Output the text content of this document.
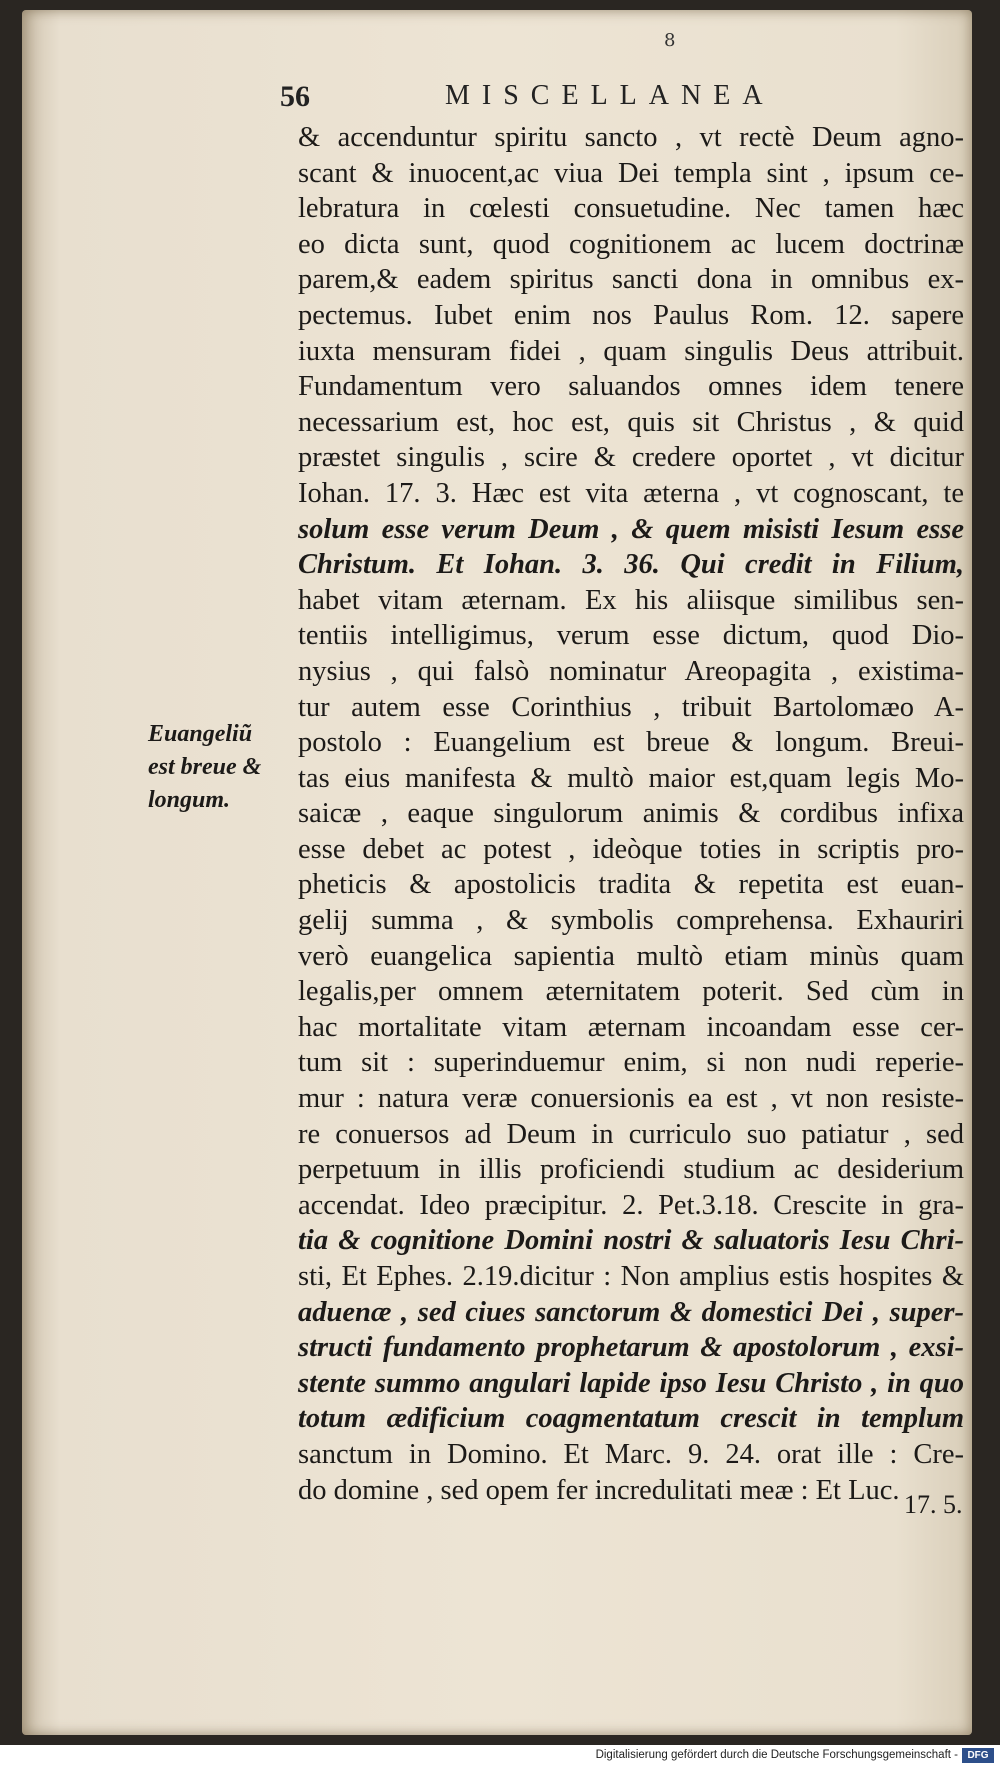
8
56	MISCELLANEA
Euangeliũ
est breue &
longum.
& accenduntur spiritu sancto , vt rectè Deum agno-
scant & inuocent,ac viua Dei templa sint , ipsum ce-
lebratura in cœlesti consuetudine. Nec tamen hæc
eo dicta sunt, quod cognitionem ac lucem doctrinæ
parem,& eadem spiritus sancti dona in omnibus ex-
pectemus. Iubet enim nos Paulus Rom. 12. sapere
iuxta mensuram fidei , quam singulis Deus attribuit.
Fundamentum vero saluandos omnes idem tenere
necessarium est, hoc est, quis sit Christus , & quid
præstet singulis , scire & credere oportet , vt dicitur
Iohan. 17. 3. Hæc est vita æterna , vt cognoscant, te
solum esse verum Deum , & quem misisti Iesum esse
Christum. Et Iohan. 3. 36. Qui credit in Filium,
habet vitam æternam. Ex his aliisque similibus sen-
tentiis intelligimus, verum esse dictum, quod Dio-
nysius , qui falsò nominatur Areopagita , existima-
tur autem esse Corinthius , tribuit Bartolomæo A-
postolo : Euangelium est breue & longum. Breui-
tas eius manifesta & multò maior est,quam legis Mo-
saicæ , eaque singulorum animis & cordibus infixa
esse debet ac potest , ideòque toties in scriptis pro-
pheticis & apostolicis tradita & repetita est euan-
gelij summa , & symbolis comprehensa. Exhauriri
verò euangelica sapientia multò etiam minùs quam
legalis,per omnem æternitatem poterit. Sed cùm in
hac mortalitate vitam æternam incoandam esse cer-
tum sit : superinduemur enim, si non nudi reperie-
mur : natura veræ conuersionis ea est , vt non resiste-
re conuersos ad Deum in curriculo suo patiatur , sed
perpetuum in illis proficiendi studium ac desiderium
accendat. Ideo præcipitur. 2. Pet.3.18. Crescite in gra-
tia & cognitione Domini nostri & saluatoris Iesu Chri-
sti, Et Ephes. 2.19.dicitur : Non amplius estis hospites &
aduenæ , sed ciues sanctorum & domestici Dei , super-
structi fundamento prophetarum & apostolorum , exsi-
stente summo angulari lapide ipso Iesu Christo , in quo
totum ædificium coagmentatum crescit in templum
sanctum in Domino. Et Marc. 9. 24. orat ille : Cre-
do domine , sed opem fer incredulitati meæ : Et Luc. 17. 5.
Digitalisierung gefördert durch die Deutsche Forschungsgemeinschaft - DFG
